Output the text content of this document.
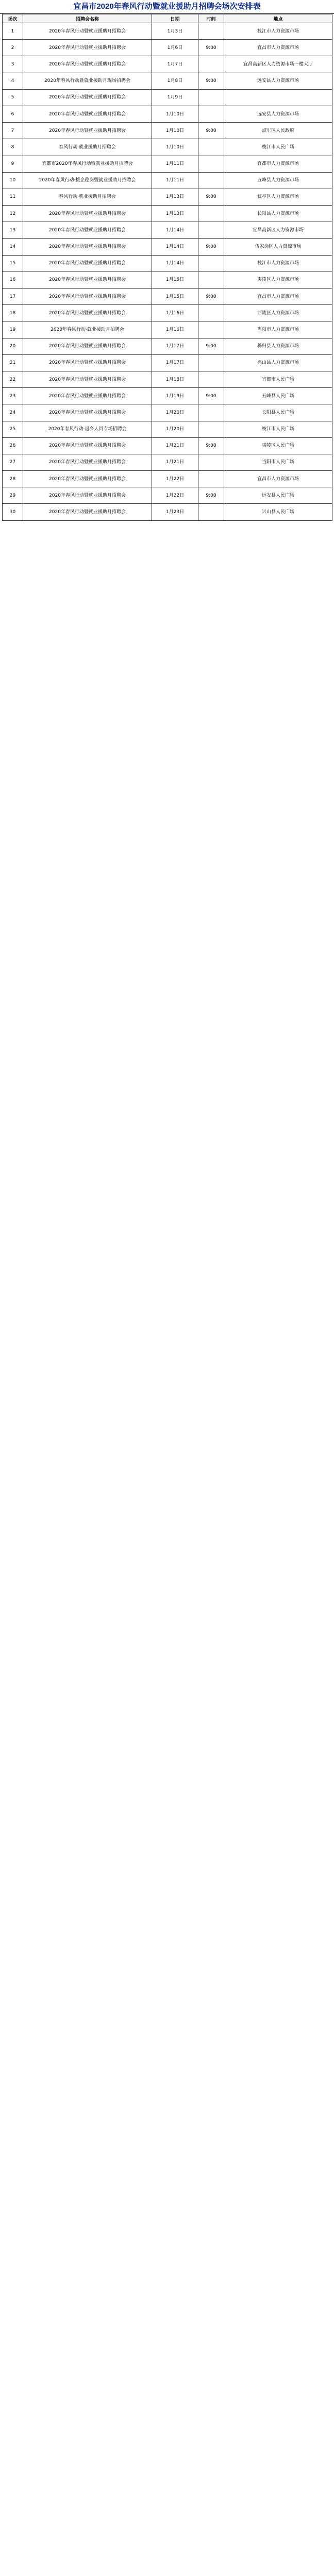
宜昌市2020年春风行动暨就业援助月招聘会场次安排表
场次	招聘会名称	日期	时间	地点
1	2020年春风行动暨就业援助月招聘会	1月3日		枝江市人力资源市场
2	2020年春风行动暨就业援助月招聘会	1月6日	9:00	宜昌市人力资源市场
3	2020年春风行动暨就业援助月招聘会	1月7日		宜昌高新区人力资源市场一楼大厅
4	2020年春风行动暨就业援助月现场招聘会	1月8日	9:00	远安县人力资源市场
5	2020年春风行动暨就业援助月招聘会	1月9日		
6	2020年春风行动暨就业援助月招聘会	1月10日		远安县人力资源市场
7	2020年春风行动暨就业援助月招聘会	1月10日	9:00	点军区人民政府
8	春风行动·就业援助月招聘会	1月10日		枝江市人民广场
9	宜都市2020年春风行动暨就业援助月招聘会	1月11日		宜都市人力资源市场
10	2020年春风行动·援企稳岗暨就业援助月招聘会	1月11日		五峰县人力资源市场
11	春风行动·就业援助月招聘会	1月13日	9:00	猇亭区人力资源市场
12	2020年春风行动暨就业援助月招聘会	1月13日		长阳县人力资源市场
13	2020年春风行动暨就业援助月招聘会	1月14日		宜昌高新区人力资源市场
14	2020年春风行动暨就业援助月招聘会	1月14日	9:00	伍家岗区人力资源市场
15	2020年春风行动暨就业援助月招聘会	1月14日		枝江市人力资源市场
16	2020年春风行动暨就业援助月招聘会	1月15日		夷陵区人力资源市场
17	2020年春风行动暨就业援助月招聘会	1月15日	9:00	宜昌市人力资源市场
18	2020年春风行动暨就业援助月招聘会	1月16日		西陵区人力资源市场
19	2020年春风行动·就业援助月招聘会	1月16日		当阳市人力资源市场
20	2020年春风行动暨就业援助月招聘会	1月17日	9:00	秭归县人力资源市场
21	2020年春风行动暨就业援助月招聘会	1月17日		兴山县人力资源市场
22	2020年春风行动暨就业援助月招聘会	1月18日		宜都市人民广场
23	2020年春风行动暨就业援助月招聘会	1月19日	9:00	五峰县人民广场
24	2020年春风行动暨就业援助月招聘会	1月20日		长阳县人民广场
25	2020年春风行动·返乡人员专场招聘会	1月20日		枝江市人民广场
26	2020年春风行动暨就业援助月招聘会	1月21日	9:00	夷陵区人民广场
27	2020年春风行动暨就业援助月招聘会	1月21日		当阳市人民广场
28	2020年春风行动暨就业援助月招聘会	1月22日		宜昌市人力资源市场
29	2020年春风行动暨就业援助月招聘会	1月22日	9:00	远安县人民广场
30	2020年春风行动暨就业援助月招聘会	1月23日		兴山县人民广场
